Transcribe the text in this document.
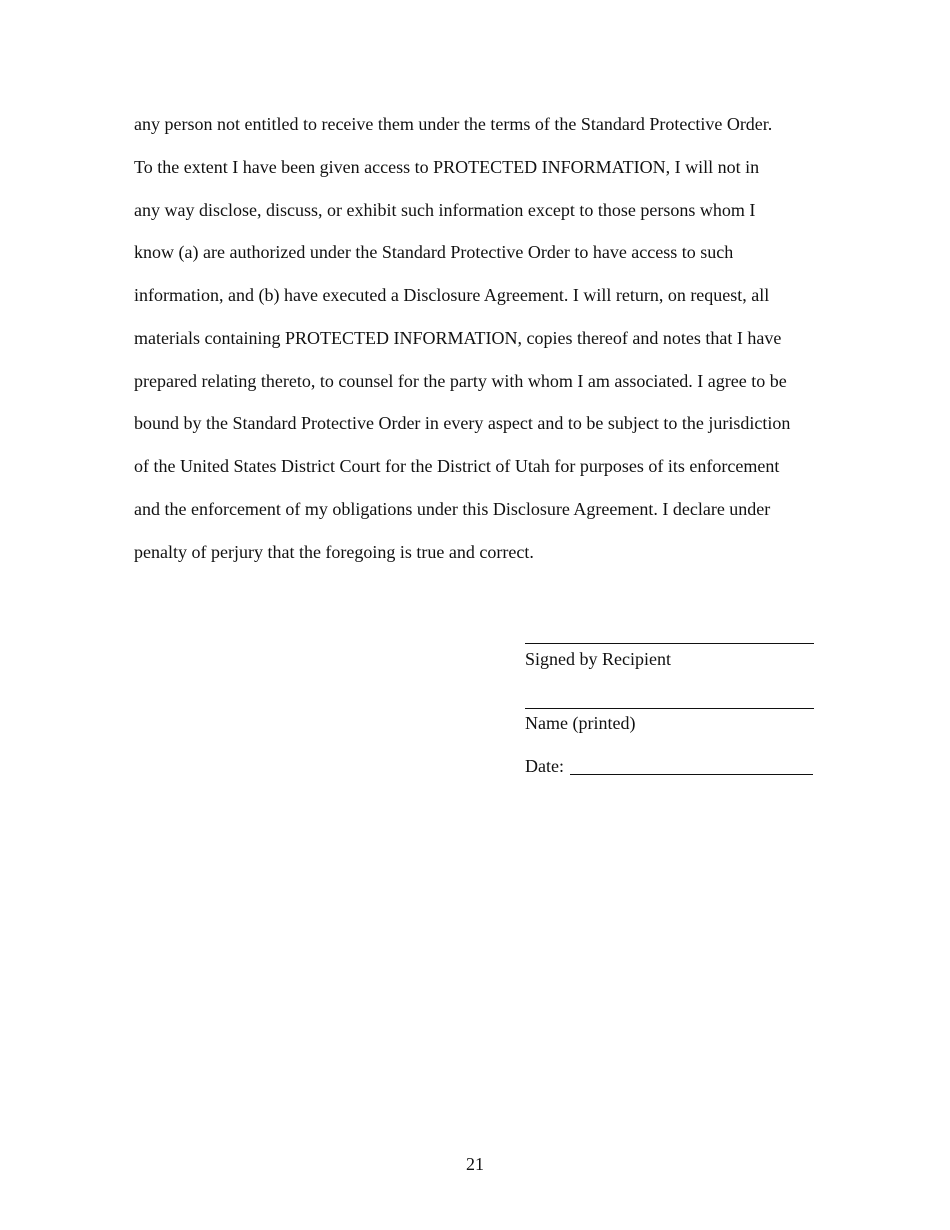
any person not entitled to receive them under the terms of the Standard Protective Order.
To the extent I have been given access to PROTECTED INFORMATION, I will not in
any way disclose, discuss, or exhibit such information except to those persons whom I
know (a) are authorized under the Standard Protective Order to have access to such
information, and (b) have executed a Disclosure Agreement. I will return, on request, all
materials containing PROTECTED INFORMATION, copies thereof and notes that I have
prepared relating thereto, to counsel for the party with whom I am associated. I agree to be
bound by the Standard Protective Order in every aspect and to be subject to the jurisdiction
of the United States District Court for the District of Utah for purposes of its enforcement
and the enforcement of my obligations under this Disclosure Agreement. I declare under
penalty of perjury that the foregoing is true and correct.
Signed by Recipient
Name (printed)
Date:
21
